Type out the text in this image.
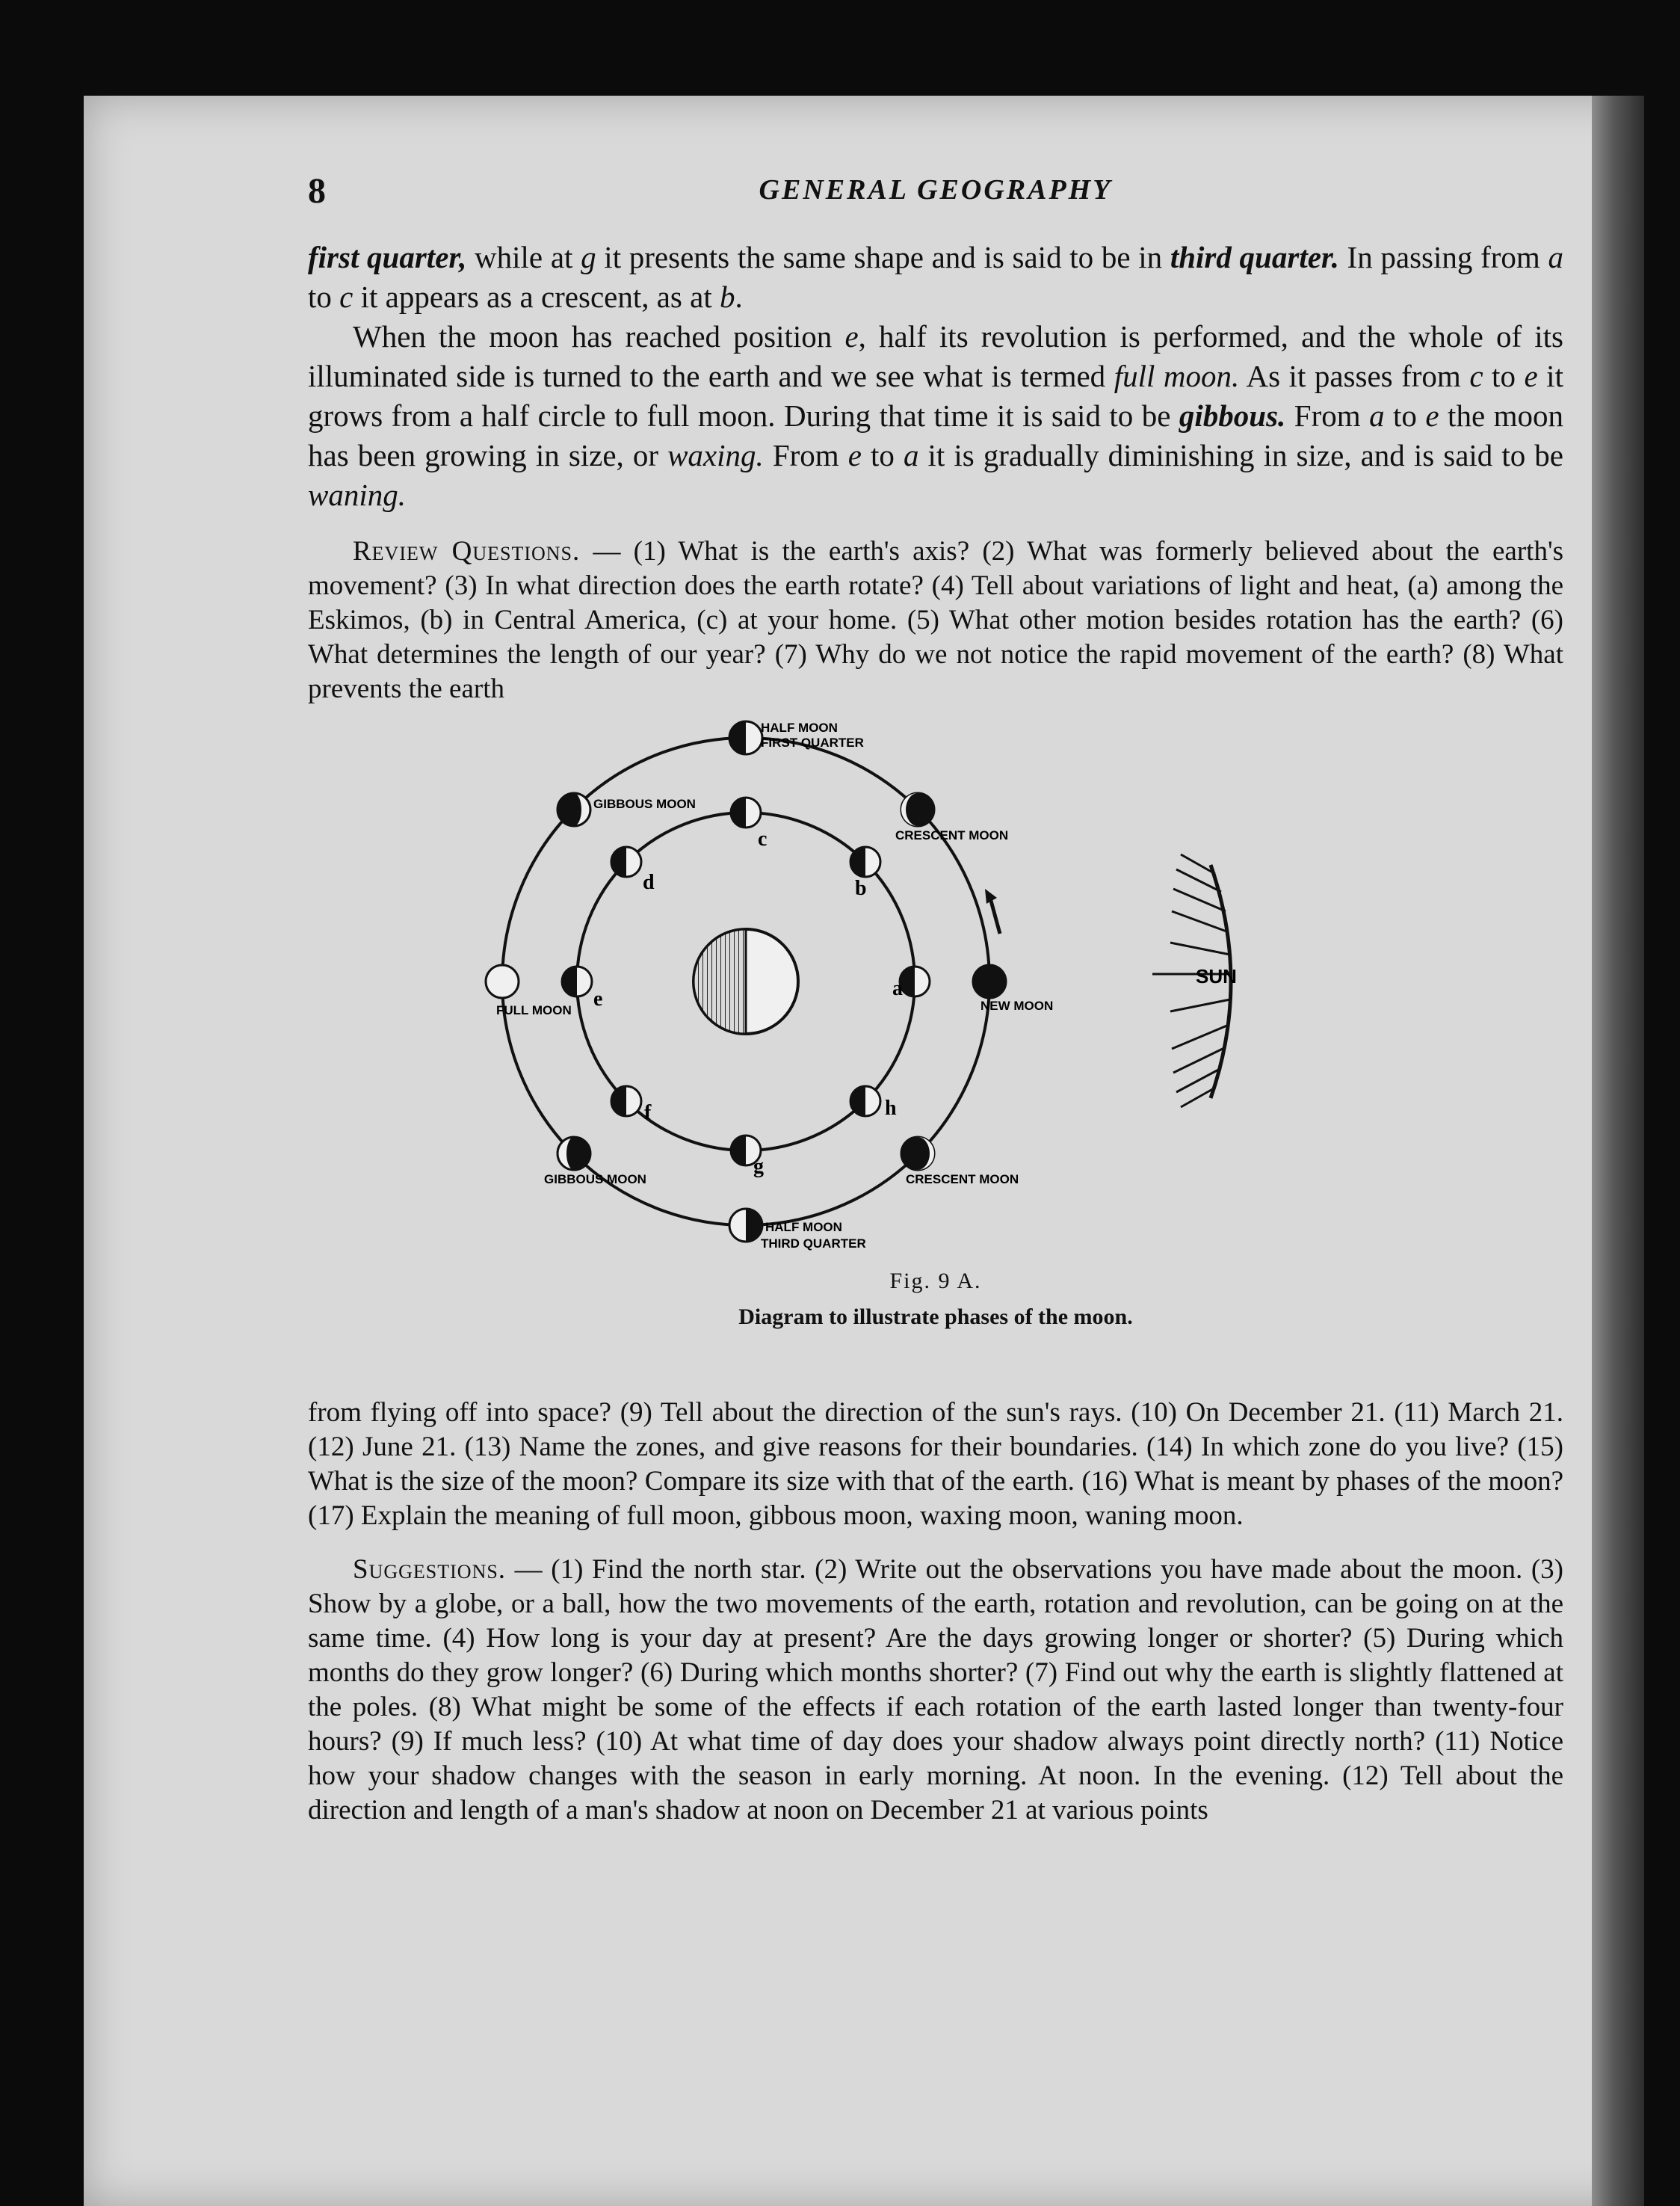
8	GENERAL GEOGRAPHY

first quarter, while at g it presents the same shape and is said to be in third quarter. In passing from a to c it appears as a crescent, as at b.

When the moon has reached position e, half its revolution is performed, and the whole of its illuminated side is turned to the earth and we see what is termed full moon. As it passes from c to e it grows from a half circle to full moon. During that time it is said to be gibbous. From a to e the moon has been growing in size, or waxing. From e to a it is gradually diminishing in size, and is said to be waning.

Review Questions. — (1) What is the earth's axis? (2) What was formerly believed about the earth's movement? (3) In what direction does the earth rotate? (4) Tell about variations of light and heat, (a) among the Eskimos, (b) in Central America, (c) at your home. (5) What other motion besides rotation has the earth? (6) What determines the length of our year? (7) Why do we not notice the rapid movement of the earth? (8) What prevents the earth

SUN
HALF MOON
FIRST QUARTER
CRESCENT MOON
GIBBOUS MOON
FULL MOON	NEW MOON
GIBBOUS MOON	CRESCENT MOON
HALF MOON
THIRD QUARTER
a
b
c
d
e
f
g
h
Fig. 9 A.
Diagram to illustrate phases of the moon.

from flying off into space? (9) Tell about the direction of the sun's rays. (10) On December 21. (11) March 21. (12) June 21. (13) Name the zones, and give reasons for their boundaries. (14) In which zone do you live? (15) What is the size of the moon? Compare its size with that of the earth. (16) What is meant by phases of the moon? (17) Explain the meaning of full moon, gibbous moon, waxing moon, waning moon.

Suggestions. — (1) Find the north star. (2) Write out the observations you have made about the moon. (3) Show by a globe, or a ball, how the two movements of the earth, rotation and revolution, can be going on at the same time. (4) How long is your day at present? Are the days growing longer or shorter? (5) During which months do they grow longer? (6) During which months shorter? (7) Find out why the earth is slightly flattened at the poles. (8) What might be some of the effects if each rotation of the earth lasted longer than twenty-four hours? (9) If much less? (10) At what time of day does your shadow always point directly north? (11) Notice how your shadow changes with the season in early morning. At noon. In the evening. (12) Tell about the direction and length of a man's shadow at noon on December 21 at various points
